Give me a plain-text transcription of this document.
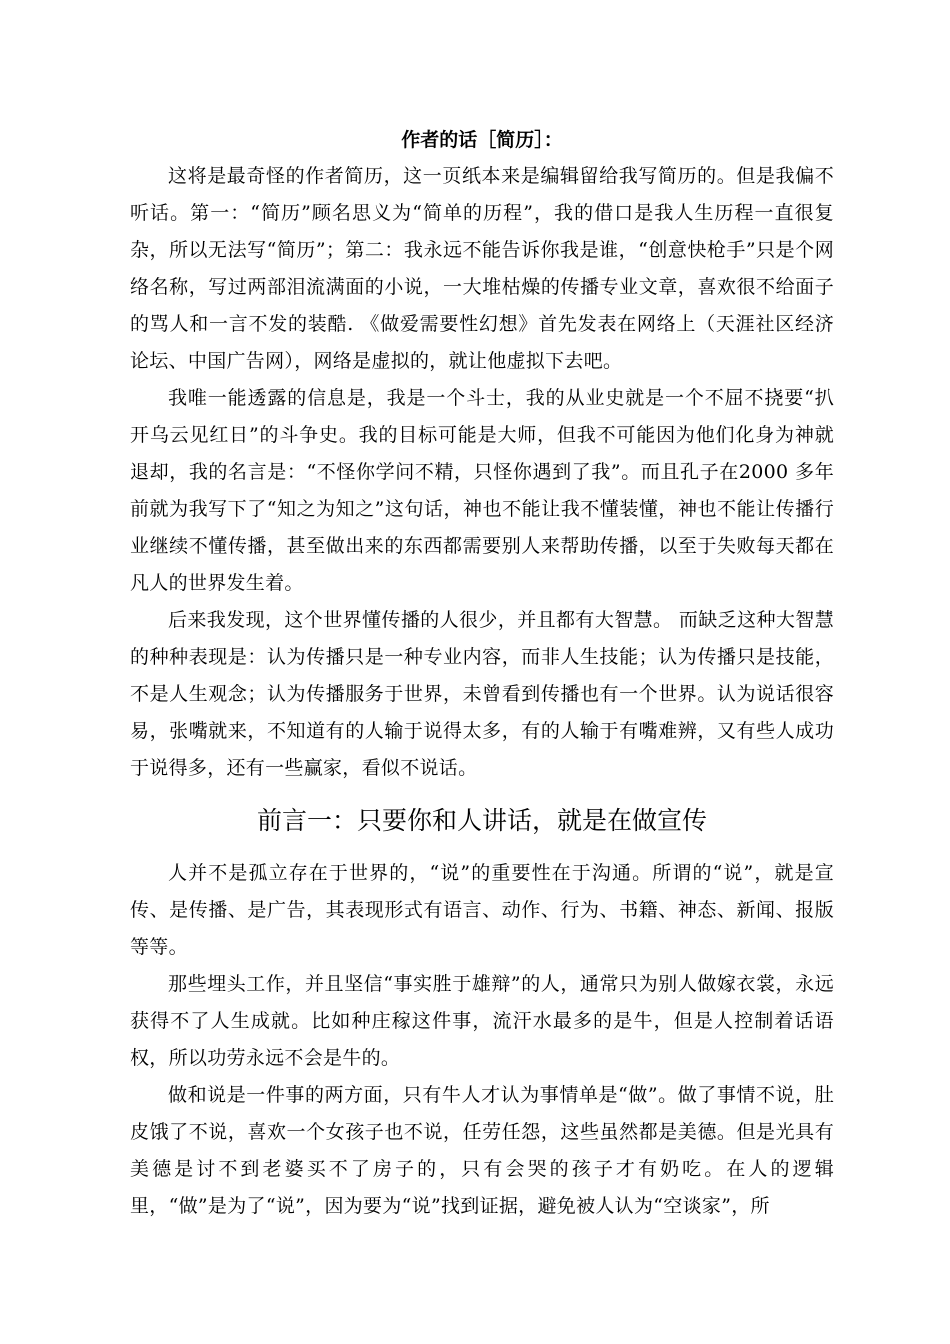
作者的话［简历］：

这将是最奇怪的作者简历，这一页纸本来是编辑留给我写简历的。但是我偏不听话。第一：“简历”顾名思义为“简单的历程”，我的借口是我人生历程一直很复杂，所以无法写“简历”；第二：我永远不能告诉你我是谁，“创意快枪手”只是个网络名称，写过两部泪流满面的小说，一大堆枯燥的传播专业文章，喜欢很不给面子的骂人和一言不发的装酷. 《做爱需要性幻想》首先发表在网络上（天涯社区经济论坛、中国广告网），网络是虚拟的，就让他虚拟下去吧。

我唯一能透露的信息是，我是一个斗士，我的从业史就是一个不屈不挠要“扒开乌云见红日”的斗争史。我的目标可能是大师，但我不可能因为他们化身为神就退却，我的名言是：“不怪你学问不精，只怪你遇到了我”。而且孔子在2000 多年前就为我写下了“知之为知之”这句话，神也不能让我不懂装懂，神也不能让传播行业继续不懂传播，甚至做出来的东西都需要别人来帮助传播，以至于失败每天都在凡人的世界发生着。

后来我发现，这个世界懂传播的人很少，并且都有大智慧。 而缺乏这种大智慧的种种表现是：认为传播只是一种专业内容，而非人生技能；认为传播只是技能，不是人生观念；认为传播服务于世界，未曾看到传播也有一个世界。认为说话很容易，张嘴就来，不知道有的人输于说得太多，有的人输于有嘴难辨，又有些人成功于说得多，还有一些赢家，看似不说话。

前言一：只要你和人讲话，就是在做宣传

人并不是孤立存在于世界的，“说”的重要性在于沟通。所谓的“说”，就是宣传、是传播、是广告，其表现形式有语言、动作、行为、书籍、神态、新闻、报版等等。

那些埋头工作，并且坚信“事实胜于雄辩”的人，通常只为别人做嫁衣裳，永远获得不了人生成就。比如种庄稼这件事，流汗水最多的是牛，但是人控制着话语权，所以功劳永远不会是牛的。

做和说是一件事的两方面，只有牛人才认为事情单是“做”。做了事情不说，肚皮饿了不说，喜欢一个女孩子也不说，任劳任怨，这些虽然都是美德。但是光具有美德是讨不到老婆买不了房子的，只有会哭的孩子才有奶吃。在人的逻辑里，“做”是为了“说”，因为要为“说”找到证据，避免被人认为“空谈家”，所
